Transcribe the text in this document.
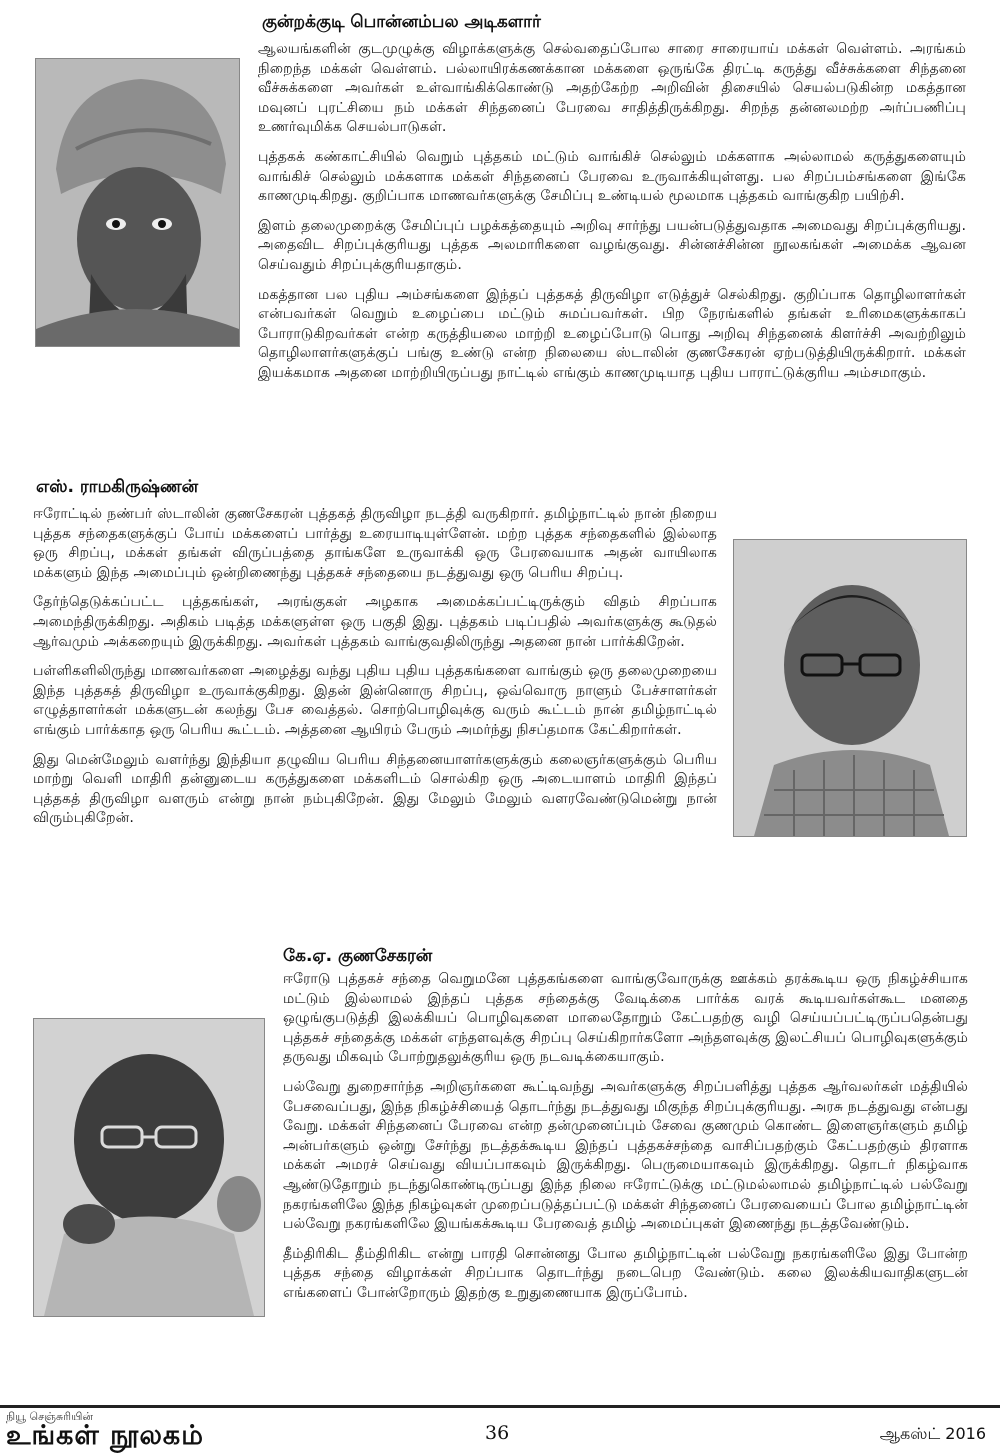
குன்றக்குடி பொன்னம்பல அடிகளார்

ஆலயங்களின் குடமுழுக்கு விழாக்களுக்கு செல்வதைப்போல சாரை சாரையாய் மக்கள் வெள்ளம். அரங்கம் நிறைந்த மக்கள் வெள்ளம். பல்லாயிரக்கணக்கான மக்களை ஒருங்கே திரட்டி கருத்து வீச்சுக்களை சிந்தனை வீச்சுக்களை அவர்கள் உள்வாங்கிக்கொண்டு அதற்கேற்ற அறிவின் திசையில் செயல்படுகின்ற மகத்தான மவுனப் புரட்சியை நம் மக்கள் சிந்தனைப் பேரவை சாதித்திருக்கிறது. சிறந்த தன்னலமற்ற அர்ப்பணிப்பு உணர்வுமிக்க செயல்பாடுகள்.

புத்தகக் கண்காட்சியில் வெறும் புத்தகம் மட்டும் வாங்கிச் செல்லும் மக்களாக அல்லாமல் கருத்துகளையும் வாங்கிச் செல்லும் மக்களாக மக்கள் சிந்தனைப் பேரவை உருவாக்கியுள்ளது. பல சிறப்பம்சங்களை இங்கே காணமுடிகிறது. குறிப்பாக மாணவர்களுக்கு சேமிப்பு உண்டியல் மூலமாக புத்தகம் வாங்குகிற பயிற்சி.

இளம் தலைமுறைக்கு சேமிப்புப் பழக்கத்தையும் அறிவு சார்ந்து பயன்படுத்துவதாக அமைவது சிறப்புக்குரியது. அதைவிட சிறப்புக்குரியது புத்தக அலமாரிகளை வழங்குவது. சின்னச்சின்ன நூலகங்கள் அமைக்க ஆவன செய்வதும் சிறப்புக்குரியதாகும்.

மகத்தான பல புதிய அம்சங்களை இந்தப் புத்தகத் திருவிழா எடுத்துச் செல்கிறது. குறிப்பாக தொழிலாளர்கள் என்பவர்கள் வெறும் உழைப்பை மட்டும் சுமப்பவர்கள். பிற நேரங்களில் தங்கள் உரிமைகளுக்காகப் போராடுகிறவர்கள் என்ற கருத்தியலை மாற்றி உழைப்போடு பொது அறிவு சிந்தனைக் கிளர்ச்சி அவற்றிலும் தொழிலாளர்களுக்குப் பங்கு உண்டு என்ற நிலையை ஸ்டாலின் குணசேகரன் ஏற்படுத்தியிருக்கிறார். மக்கள் இயக்கமாக அதனை மாற்றியிருப்பது நாட்டில் எங்கும் காணமுடியாத புதிய பாராட்டுக்குரிய அம்சமாகும்.

எஸ். ராமகிருஷ்ணன்

ஈரோட்டில் நண்பர் ஸ்டாலின் குணசேகரன் புத்தகத் திருவிழா நடத்தி வருகிறார். தமிழ்நாட்டில் நான் நிறைய புத்தக சந்தைகளுக்குப் போய் மக்களைப் பார்த்து உரையாடியுள்ளேன். மற்ற புத்தக சந்தைகளில் இல்லாத ஒரு சிறப்பு, மக்கள் தங்கள் விருப்பத்தை தாங்களே உருவாக்கி ஒரு பேரவையாக அதன் வாயிலாக மக்களும் இந்த அமைப்பும் ஒன்றிணைந்து புத்தகச் சந்தையை நடத்துவது ஒரு பெரிய சிறப்பு.

தேர்ந்தெடுக்கப்பட்ட புத்தகங்கள், அரங்குகள் அழகாக அமைக்கப்பட்டிருக்கும் விதம் சிறப்பாக அமைந்திருக்கிறது. அதிகம் படித்த மக்களுள்ள ஒரு பகுதி இது. புத்தகம் படிப்பதில் அவர்களுக்கு கூடுதல் ஆர்வமும் அக்கறையும் இருக்கிறது. அவர்கள் புத்தகம் வாங்குவதிலிருந்து அதனை நான் பார்க்கிறேன்.

பள்ளிகளிலிருந்து மாணவர்களை அழைத்து வந்து புதிய புதிய புத்தகங்களை வாங்கும் ஒரு தலைமுறையை இந்த புத்தகத் திருவிழா உருவாக்குகிறது. இதன் இன்னொரு சிறப்பு, ஒவ்வொரு நாளும் பேச்சாளர்கள் எழுத்தாளர்கள் மக்களுடன் கலந்து பேச வைத்தல். சொற்பொழிவுக்கு வரும் கூட்டம் நான் தமிழ்நாட்டில் எங்கும் பார்க்காத ஒரு பெரிய கூட்டம். அத்தனை ஆயிரம் பேரும் அமர்ந்து நிசப்தமாக கேட்கிறார்கள்.

இது மென்மேலும் வளர்ந்து இந்தியா தழுவிய பெரிய சிந்தனையாளர்களுக்கும் கலைஞர்களுக்கும் பெரிய மாற்று வெளி மாதிரி தன்னுடைய கருத்துகளை மக்களிடம் சொல்கிற ஒரு அடையாளம் மாதிரி இந்தப் புத்தகத் திருவிழா வளரும் என்று நான் நம்புகிறேன். இது மேலும் மேலும் வளரவேண்டுமென்று நான் விரும்புகிறேன்.

கே.ஏ. குணசேகரன்

ஈரோடு புத்தகச் சந்தை வெறுமனே புத்தகங்களை வாங்குவோருக்கு ஊக்கம் தரக்கூடிய ஒரு நிகழ்ச்சியாக மட்டும் இல்லாமல் இந்தப் புத்தக சந்தைக்கு வேடிக்கை பார்க்க வரக் கூடியவர்கள்கூட மனதை ஒழுங்குபடுத்தி இலக்கியப் பொழிவுகளை மாலைதோறும் கேட்பதற்கு வழி செய்யப்பட்டிருப்பதென்பது புத்தகச் சந்தைக்கு மக்கள் எந்தளவுக்கு சிறப்பு செய்கிறார்களோ அந்தளவுக்கு இலட்சியப் பொழிவுகளுக்கும் தருவது மிகவும் போற்றுதலுக்குரிய ஒரு நடவடிக்கையாகும்.

பல்வேறு துறைசார்ந்த அறிஞர்களை கூட்டிவந்து அவர்களுக்கு சிறப்பளித்து புத்தக ஆர்வலர்கள் மத்தியில் பேசவைப்பது, இந்த நிகழ்ச்சியைத் தொடர்ந்து நடத்துவது மிகுந்த சிறப்புக்குரியது. அரசு நடத்துவது என்பது வேறு. மக்கள் சிந்தனைப் பேரவை என்ற தன்முனைப்பும் சேவை குணமும் கொண்ட இளைஞர்களும் தமிழ் அன்பர்களும் ஒன்று சேர்ந்து நடத்தக்கூடிய இந்தப் புத்தகச்சந்தை வாசிப்பதற்கும் கேட்பதற்கும் திரளாக மக்கள் அமரச் செய்வது வியப்பாகவும் இருக்கிறது. பெருமையாகவும் இருக்கிறது. தொடர் நிகழ்வாக ஆண்டுதோறும் நடந்துகொண்டிருப்பது இந்த நிலை ஈரோட்டுக்கு மட்டுமல்லாமல் தமிழ்நாட்டில் பல்வேறு நகரங்களிலே இந்த நிகழ்வுகள் முறைப்படுத்தப்பட்டு மக்கள் சிந்தனைப் பேரவையைப் போல தமிழ்நாட்டின் பல்வேறு நகரங்களிலே இயங்கக்கூடிய பேரவைத் தமிழ் அமைப்புகள் இணைந்து நடத்தவேண்டும்.

தீம்திரிகிட தீம்திரிகிட என்று பாரதி சொன்னது போல தமிழ்நாட்டின் பல்வேறு நகரங்களிலே இது போன்ற புத்தக சந்தை விழாக்கள் சிறப்பாக தொடர்ந்து நடைபெற வேண்டும். கலை இலக்கியவாதிகளுடன் எங்களைப் போன்றோரும் இதற்கு உறுதுணையாக இருப்போம்.

நியூ செஞ்சுரியின்
உங்கள் நூலகம்	36	ஆகஸ்ட் 2016
